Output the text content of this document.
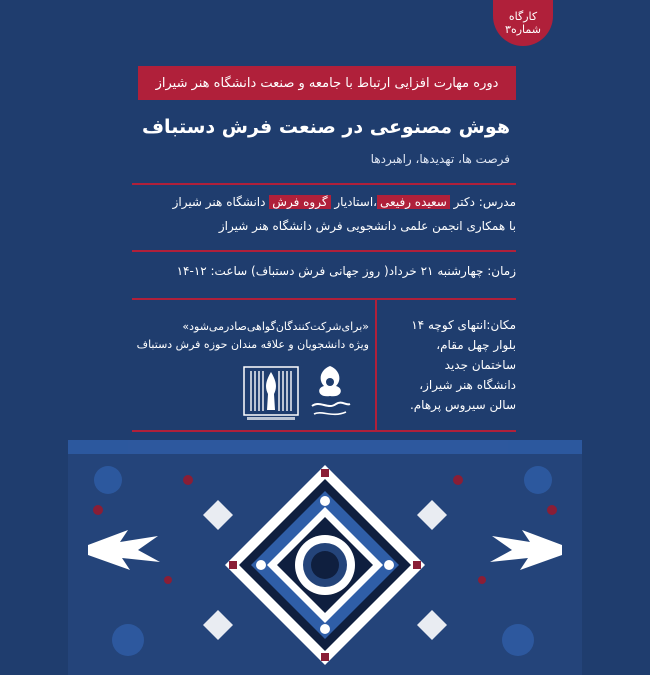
کارگاه
شماره۳
دوره مهارت افزایی ارتباط با جامعه و صنعت دانشگاه هنر شیراز
هوش مصنوعی در صنعت فرش دستباف
فرصت ها، تهدیدها، راهبردها
مدرس: دکتر سعیده رفیعی،استادیار گروه فرش دانشگاه هنر شیراز
با همکاری انجمن علمی دانشجویی فرش دانشگاه هنر شیراز
زمان: چهارشنبه ۲۱ خرداد( روز جهانی فرش دستباف) ساعت: ۱۲-۱۴
مکان:انتهای کوچه ۱۴
بلوار چهل مقام،
ساختمان جدید
دانشگاه هنر شیراز،
سالن سیروس پرهام.
«برای‌شرکت‌کنندگان‌گواهی‌صادرمی‌شود»
ویژه دانشجویان و علاقه مندان حوزه فرش دستباف
